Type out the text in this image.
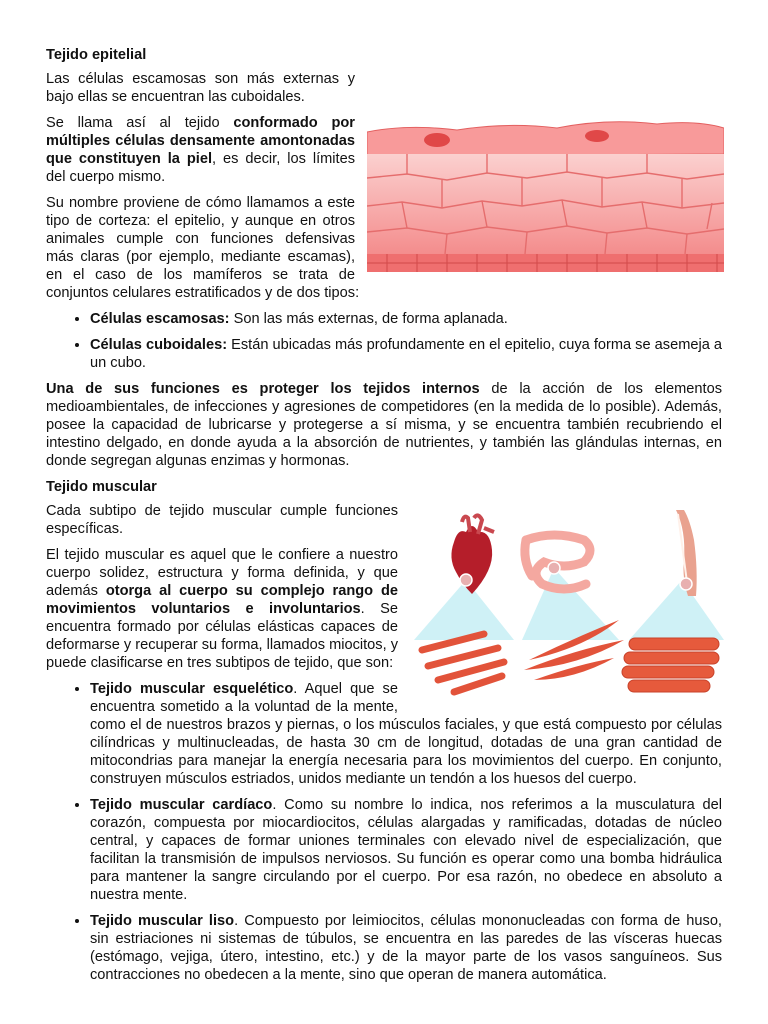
Tejido epitelial

Las células escamosas son más externas y bajo ellas se encuentran las cuboidales.

Se llama así al tejido conformado por múltiples células densamente amontonadas que constituyen la piel, es decir, los límites del cuerpo mismo.

Su nombre proviene de cómo llamamos a este tipo de corteza: el epitelio, y aunque en otros animales cumple con funciones defensivas más claras (por ejemplo, mediante escamas), en el caso de los mamíferos se trata de conjuntos celulares estratificados y de dos tipos:

• Células escamosas: Son las más externas, de forma aplanada.
• Células cuboidales: Están ubicadas más profundamente en el epitelio, cuya forma se asemeja a un cubo.

Una de sus funciones es proteger los tejidos internos de la acción de los elementos medioambientales, de infecciones y agresiones de competidores (en la medida de lo posible). Además, posee la capacidad de lubricarse y protegerse a sí misma, y se encuentra también recubriendo el intestino delgado, en donde ayuda a la absorción de nutrientes, y también las glándulas internas, en donde segregan algunas enzimas y hormonas.

Tejido muscular

Cada subtipo de tejido muscular cumple funciones específicas.

El tejido muscular es aquel que le confiere a nuestro cuerpo solidez, estructura y forma definida, y que además otorga al cuerpo su complejo rango de movimientos voluntarios e involuntarios. Se encuentra formado por células elásticas capaces de deformarse y recuperar su forma, llamados miocitos, y puede clasificarse en tres subtipos de tejido, que son:

• Tejido muscular esquelético. Aquel que se encuentra sometido a la voluntad de la mente, como el de nuestros brazos y piernas, o los músculos faciales, y que está compuesto por células cilíndricas y multinucleadas, de hasta 30 cm de longitud, dotadas de una gran cantidad de mitocondrias para manejar la energía necesaria para los movimientos del cuerpo. En conjunto, construyen músculos estriados, unidos mediante un tendón a los huesos del cuerpo.
• Tejido muscular cardíaco. Como su nombre lo indica, nos referimos a la musculatura del corazón, compuesta por miocardiocitos, células alargadas y ramificadas, dotadas de núcleo central, y capaces de formar uniones terminales con elevado nivel de especialización, que facilitan la transmisión de impulsos nerviosos. Su función es operar como una bomba hidráulica para mantener la sangre circulando por el cuerpo. Por esa razón, no obedece en absoluto a nuestra mente.
• Tejido muscular liso. Compuesto por leimiocitos, células mononucleadas con forma de huso, sin estriaciones ni sistemas de túbulos, se encuentra en las paredes de las vísceras huecas (estómago, vejiga, útero, intestino, etc.) y de la mayor parte de los vasos sanguíneos. Sus contracciones no obedecen a la mente, sino que operan de manera automática.
